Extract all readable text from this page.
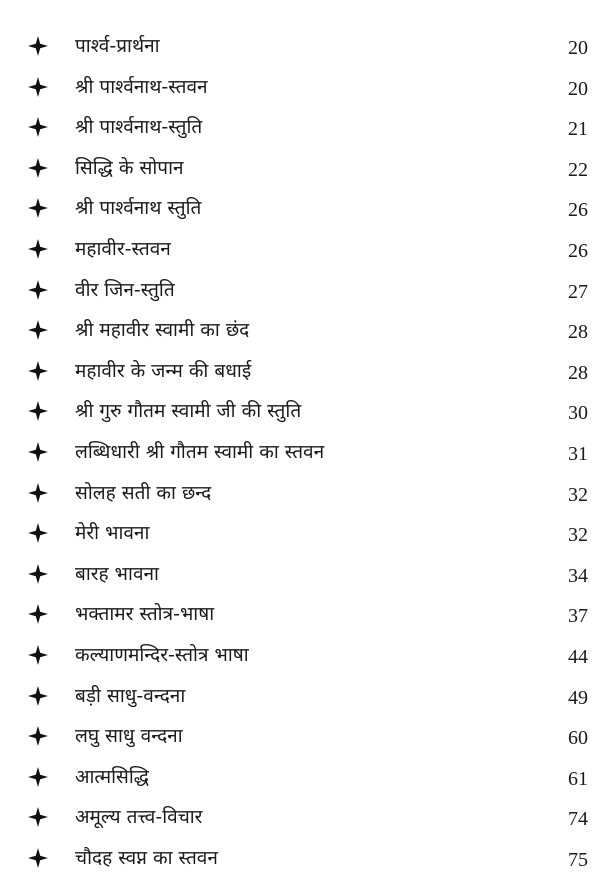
पार्श्व-प्रार्थना	20
श्री पार्श्वनाथ-स्तवन	20
श्री पार्श्वनाथ-स्तुति	21
सिद्धि के सोपान	22
श्री पार्श्वनाथ स्तुति	26
महावीर-स्तवन	26
वीर जिन-स्तुति	27
श्री महावीर स्वामी का छंद	28
महावीर के जन्म की बधाई	28
श्री गुरु गौतम स्वामी जी की स्तुति	30
लब्धिधारी श्री गौतम स्वामी का स्तवन	31
सोलह सती का छन्द	32
मेरी भावना	32
बारह भावना	34
भक्तामर स्तोत्र-भाषा	37
कल्याणमन्दिर-स्तोत्र भाषा	44
बड़ी साधु-वन्दना	49
लघु साधु वन्दना	60
आत्मसिद्धि	61
अमूल्य तत्त्व-विचार	74
चौदह स्वप्न का स्तवन	75
